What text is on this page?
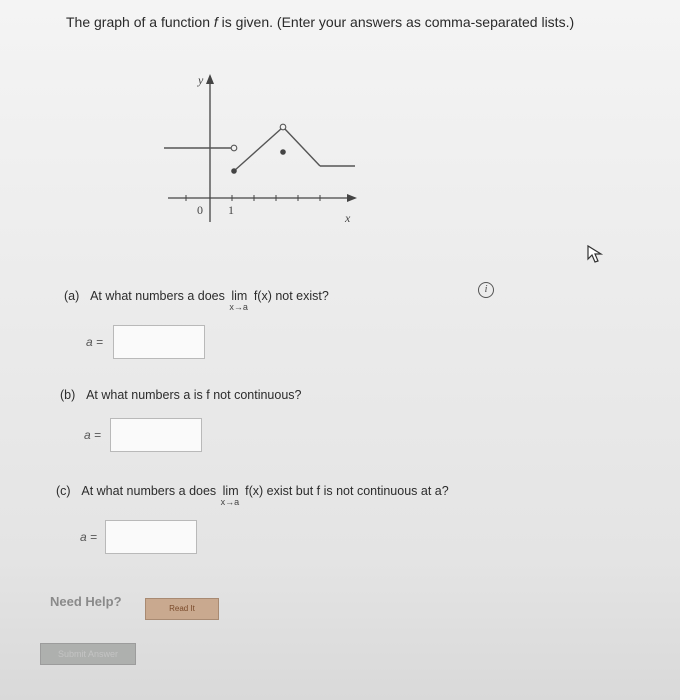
The graph of a function f is given. (Enter your answers as comma-separated lists.)
y
0 1
x
i
(a) At what numbers a does lim
x→a
f(x) not exist?
a =
(b) At what numbers a is f not continuous?
a =
(c) At what numbers a does lim
x→a
f(x) exist but f is not continuous at a?
a =
Need Help?	Read It
Submit Answer
